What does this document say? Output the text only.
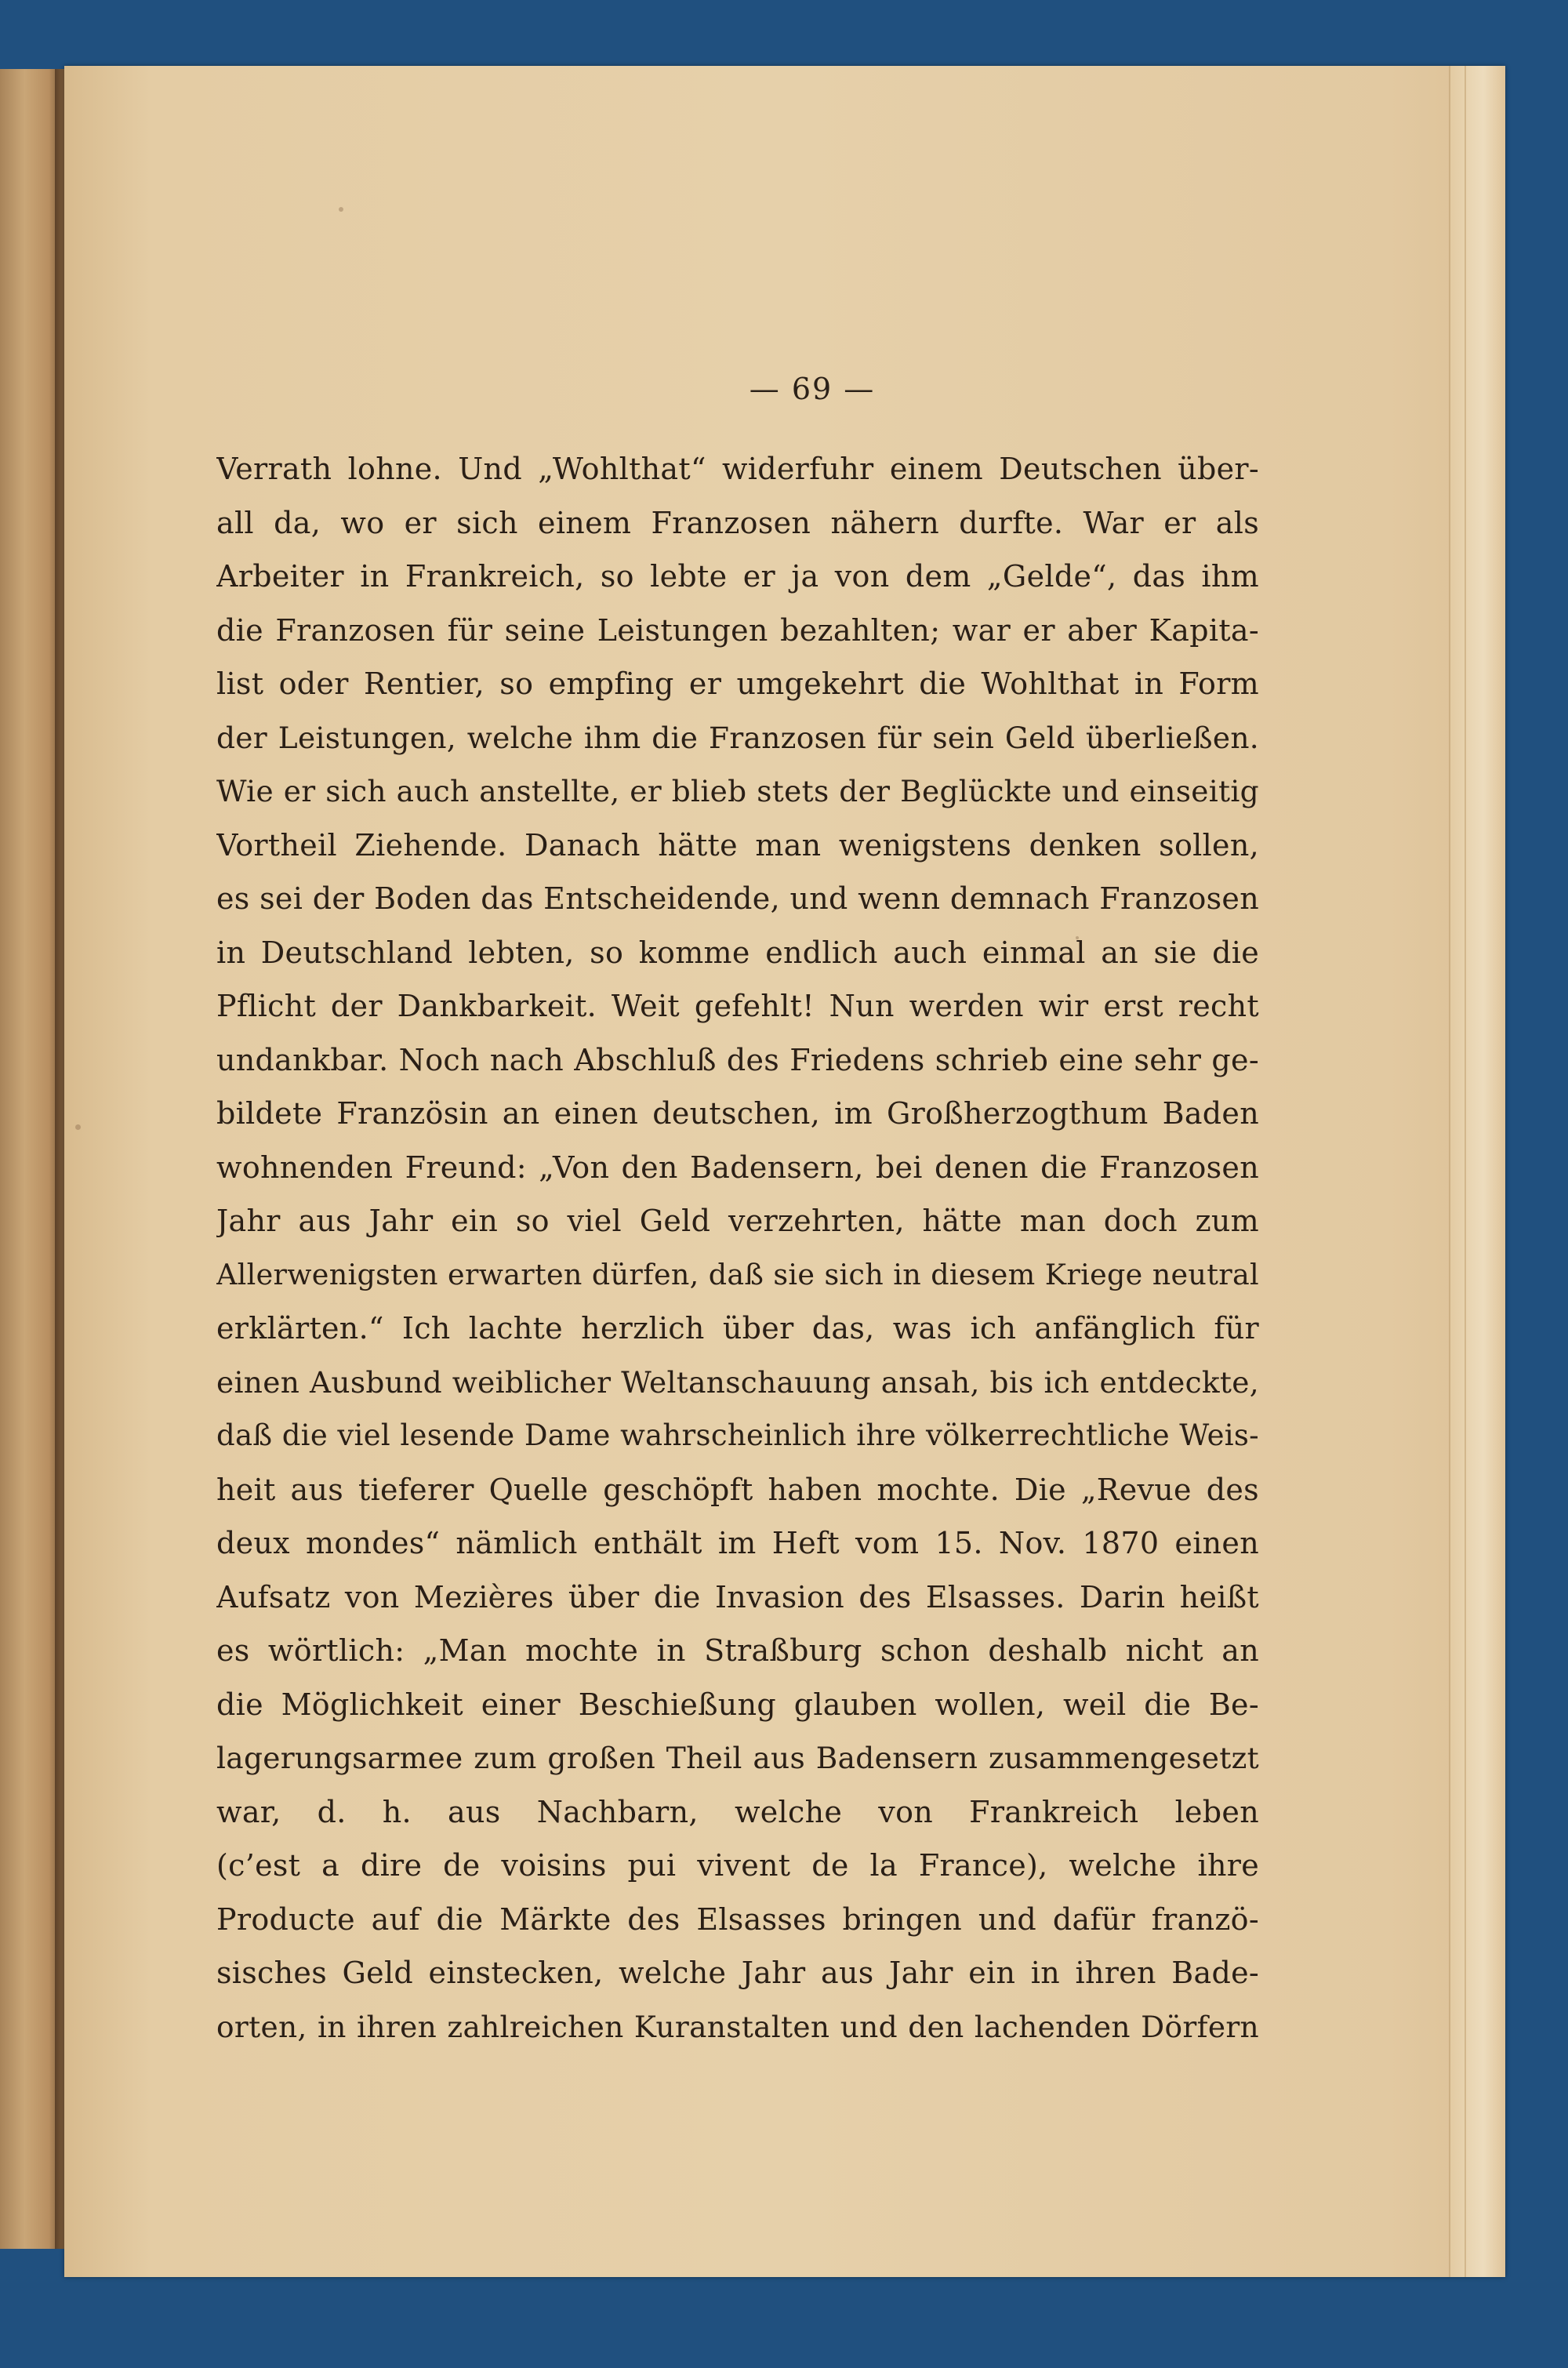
— 69 —
Verrath lohne. Und „Wohlthat“ widerfuhr einem Deutschen über-
all da, wo er sich einem Franzosen nähern durfte. War er als
Arbeiter in Frankreich, so lebte er ja von dem „Gelde“, das ihm
die Franzosen für seine Leistungen bezahlten; war er aber Kapita-
list oder Rentier, so empfing er umgekehrt die Wohlthat in Form
der Leistungen, welche ihm die Franzosen für sein Geld überließen.
Wie er sich auch anstellte, er blieb stets der Beglückte und einseitig
Vortheil Ziehende. Danach hätte man wenigstens denken sollen,
es sei der Boden das Entscheidende, und wenn demnach Franzosen
in Deutschland lebten, so komme endlich auch einmal an sie die
Pflicht der Dankbarkeit. Weit gefehlt! Nun werden wir erst recht
undankbar. Noch nach Abschluß des Friedens schrieb eine sehr ge-
bildete Französin an einen deutschen, im Großherzogthum Baden
wohnenden Freund: „Von den Badensern, bei denen die Franzosen
Jahr aus Jahr ein so viel Geld verzehrten, hätte man doch zum
Allerwenigsten erwarten dürfen, daß sie sich in diesem Kriege neutral
erklärten.“ Ich lachte herzlich über das, was ich anfänglich für
einen Ausbund weiblicher Weltanschauung ansah, bis ich entdeckte,
daß die viel lesende Dame wahrscheinlich ihre völkerrechtliche Weis-
heit aus tieferer Quelle geschöpft haben mochte. Die „Revue des
deux mondes“ nämlich enthält im Heft vom 15. Nov. 1870 einen
Aufsatz von Mezières über die Invasion des Elsasses. Darin heißt
es wörtlich: „Man mochte in Straßburg schon deshalb nicht an
die Möglichkeit einer Beschießung glauben wollen, weil die Be-
lagerungsarmee zum großen Theil aus Badensern zusammengesetzt
war, d. h. aus Nachbarn, welche von Frankreich leben
(c’est a dire de voisins pui vivent de la France), welche ihre
Producte auf die Märkte des Elsasses bringen und dafür franzö-
sisches Geld einstecken, welche Jahr aus Jahr ein in ihren Bade-
orten, in ihren zahlreichen Kuranstalten und den lachenden Dörfern
